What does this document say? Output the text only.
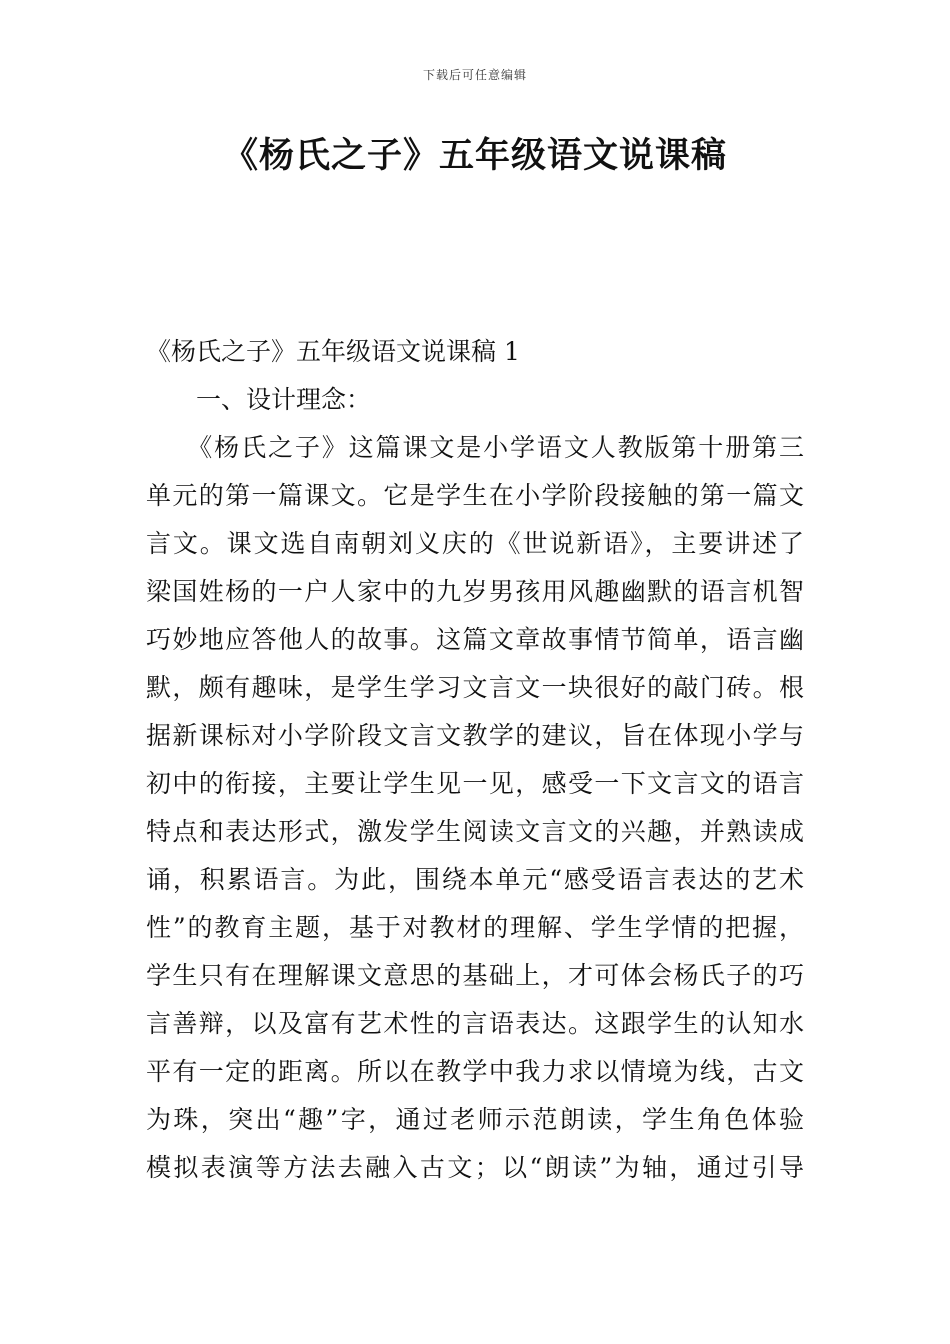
下载后可任意编辑
《杨氏之子》五年级语文说课稿

《杨氏之子》五年级语文说课稿 1

一、设计理念：

　　《杨氏之子》这篇课文是小学语文人教版第十册第三
单元的第一篇课文。它是学生在小学阶段接触的第一篇文
言文。课文选自南朝刘义庆的《世说新语》，主要讲述了
梁国姓杨的一户人家中的九岁男孩用风趣幽默的语言机智
巧妙地应答他人的故事。这篇文章故事情节简单，语言幽
默，颇有趣味，是学生学习文言文一块很好的敲门砖。根
据新课标对小学阶段文言文教学的建议，旨在体现小学与
初中的衔接，主要让学生见一见，感受一下文言文的语言
特点和表达形式，激发学生阅读文言文的兴趣，并熟读成
诵，积累语言。为此，围绕本单元“感受语言表达的艺术
性”的教育主题，基于对教材的理解、学生学情的把握，
学生只有在理解课文意思的基础上，才可体会杨氏子的巧
言善辩，以及富有艺术性的言语表达。这跟学生的认知水
平有一定的距离。所以在教学中我力求以情境为线，古文
为珠，突出“趣”字，通过老师示范朗读，学生角色体验
模拟表演等方法去融入古文；以“朗读”为轴，通过引导
